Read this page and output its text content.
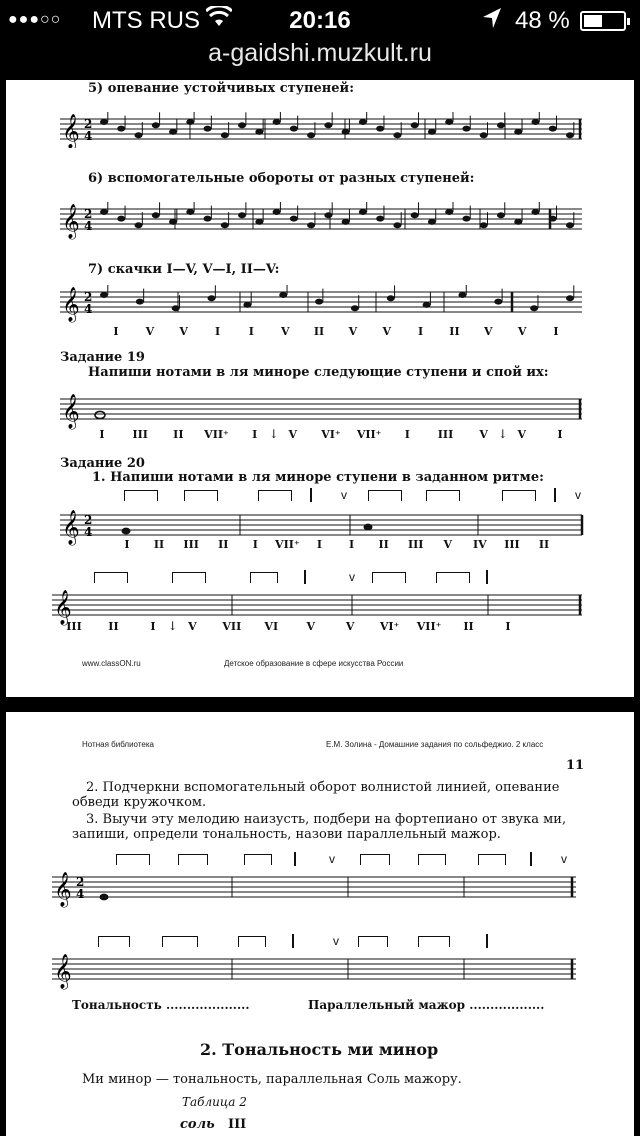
●●●○○ MTS RUS	20:16	48 %
a-gaidshi.muzkult.ru
5) опевание устойчивых ступеней:
𝄞 2
4
6) вспомогательные обороты от разных ступеней:
𝄞 2
4
7) скачки I—V, V—I, II—V:
𝄞 2
4
I V V I	I V II V V I II V V I
Задание 19
Напиши нотами в ля миноре следующие ступени и спой их:
𝄞
I	III II VII⁺ I ↓ V VI⁺ VII⁺ I	III V ↓ V	I
Задание 20
1. Напиши нотами в ля миноре ступени в заданном ритме:
v	v
𝄞 2
4
I II III II I VII⁺ I I II III V IV III II
v
𝄞
III II	I ↓ V VII VI	V	V VI⁺ VII⁺ II	I
www.classON.ru	Детское образование в сфере искусства России
Нотная библиотека	Е.М. Золина - Домашние задания по сольфеджио. 2 класс
11
2. Подчеркни вспомогательный оборот волнистой линией, опевание
обведи кружочком.
3. Выучи эту мелодию наизусть, подбери на фортепиано от звука ми,
запиши, определи тональность, назови параллельный мажор.
v	v
𝄞 2
4
v
𝄞
Тональность ....................	Параллельный мажор ..................
2. Тональность ми минор
Ми минор — тональность, параллельная Соль мажору.
Таблица 2
соль III
